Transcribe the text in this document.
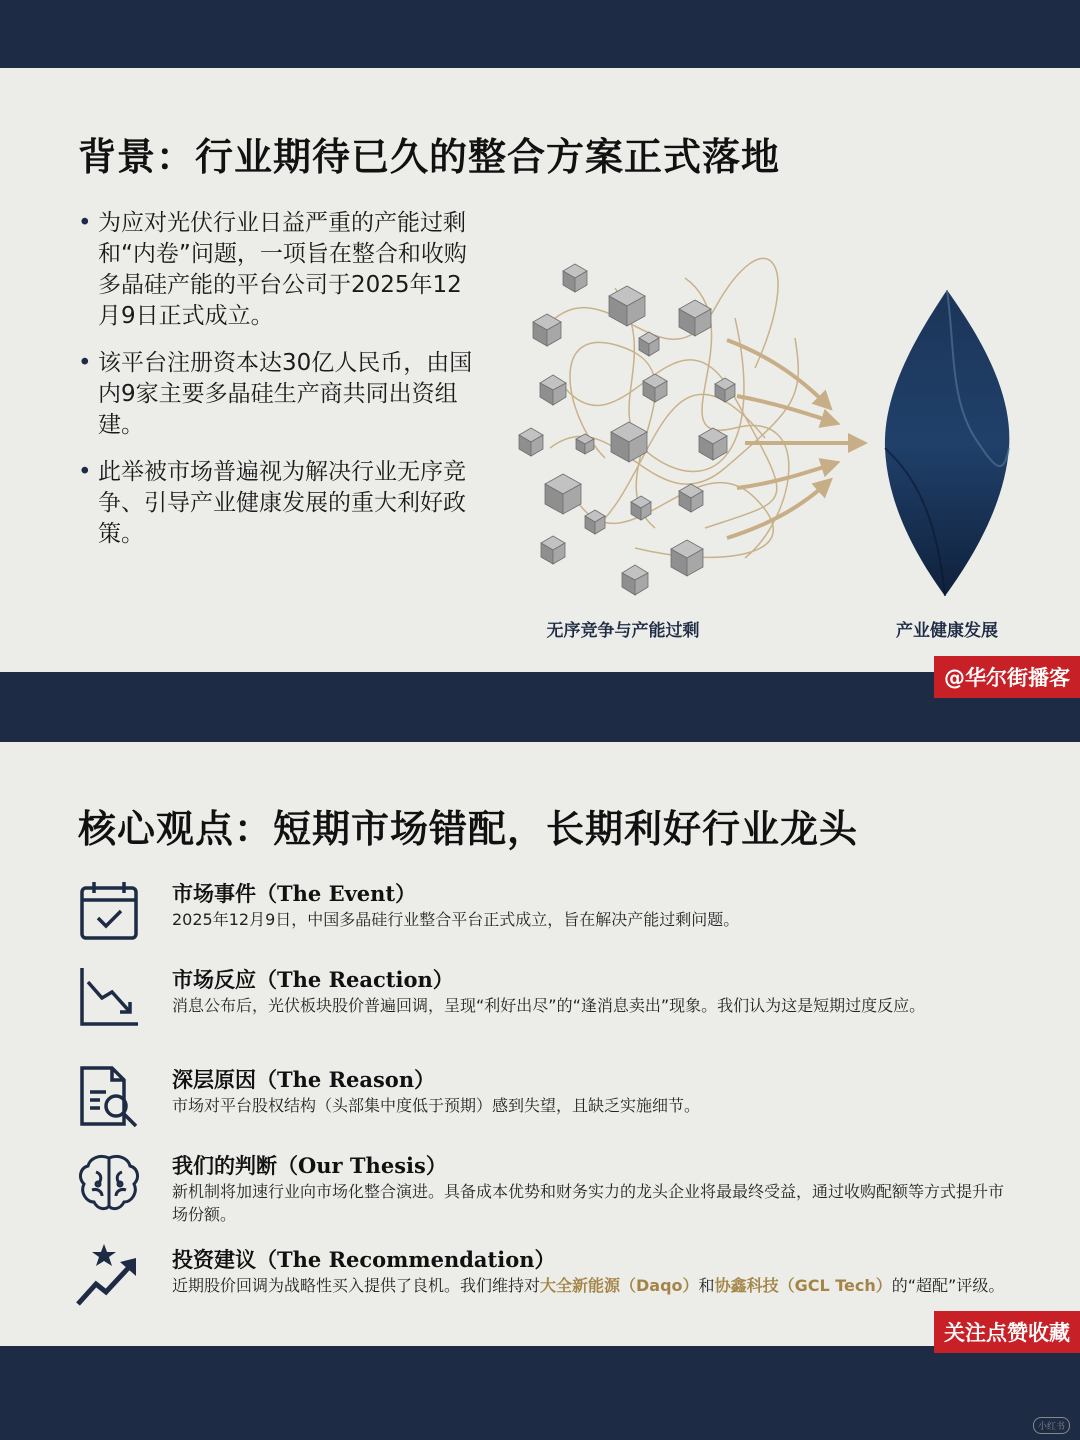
背景：行业期待已久的整合方案正式落地
• 为应对光伏行业日益严重的产能过剩和“内卷”问题，一项旨在整合和收购多晶硅产能的平台公司于2025年12月9日正式成立。
• 该平台注册资本达30亿人民币，由国内9家主要多晶硅生产商共同出资组建。
• 此举被市场普遍视为解决行业无序竞争、引导产业健康发展的重大利好政策。
无序竞争与产能过剩	产业健康发展
@华尔街播客
核心观点：短期市场错配，长期利好行业龙头
市场事件（The Event）

2025年12月9日，中国多晶硅行业整合平台正式成立，旨在解决产能过剩问题。

市场反应（The Reaction）

消息公布后，光伏板块股价普遍回调，呈现“利好出尽”的“逢消息卖出”现象。我们认为这是短期过度反应。

深层原因（The Reason）

市场对平台股权结构（头部集中度低于预期）感到失望，且缺乏实施细节。

我们的判断（Our Thesis）

新机制将加速行业向市场化整合演进。具备成本优势和财务实力的龙头企业将最最终受益，通过收购配额等方式提升市场份额。

投资建议（The Recommendation）

近期股价回调为战略性买入提供了良机。我们维持对大全新能源（Daqo）和协鑫科技（GCL Tech）的“超配”评级。

关注点赞收藏
小红书
